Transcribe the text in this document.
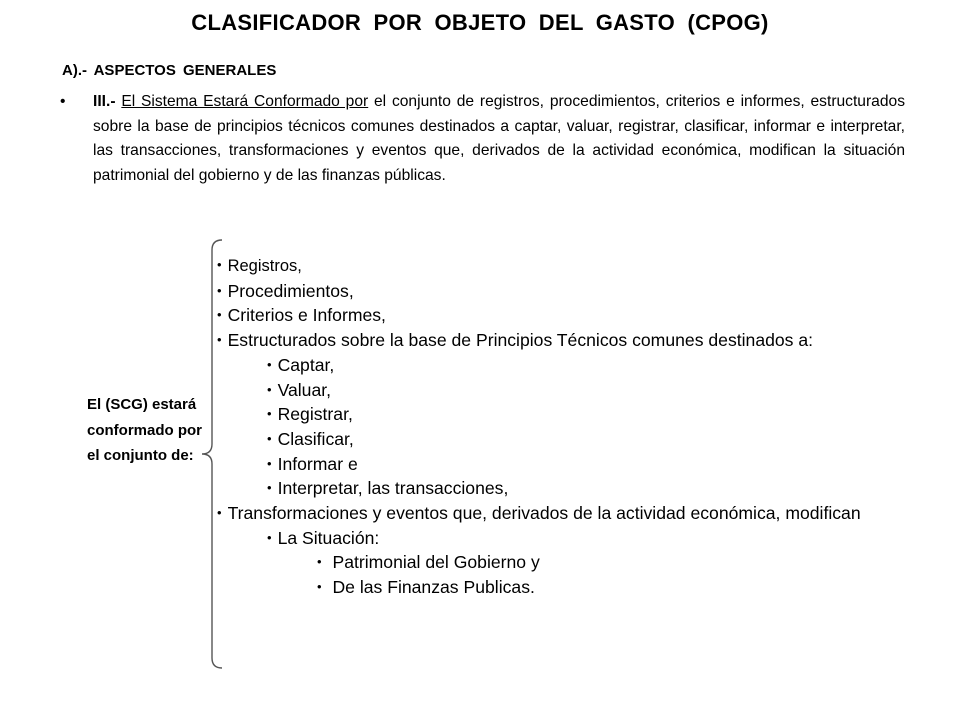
CLASIFICADOR POR OBJETO DEL GASTO (CPOG)
A).- ASPECTOS GENERALES
• III.- El Sistema Estará Conformado por el conjunto de registros, procedimientos, criterios e informes, estructurados sobre la base de principios técnicos comunes destinados a captar, valuar, registrar, clasificar, informar e interpretar, las transacciones, transformaciones y eventos que, derivados de la actividad económica, modifican la situación patrimonial del gobierno y de las finanzas públicas.

El (SCG) estará conformado por el conjunto de:
• Registros,
• Procedimientos,
• Criterios e Informes,
• Estructurados sobre la base de Principios Técnicos comunes destinados a:
• Captar,
• Valuar,
• Registrar,
• Clasificar,
• Informar e
• Interpretar, las transacciones,
• Transformaciones y eventos que, derivados de la actividad económica, modifican
• La Situación:
• Patrimonial del Gobierno y
• De las Finanzas Publicas.
